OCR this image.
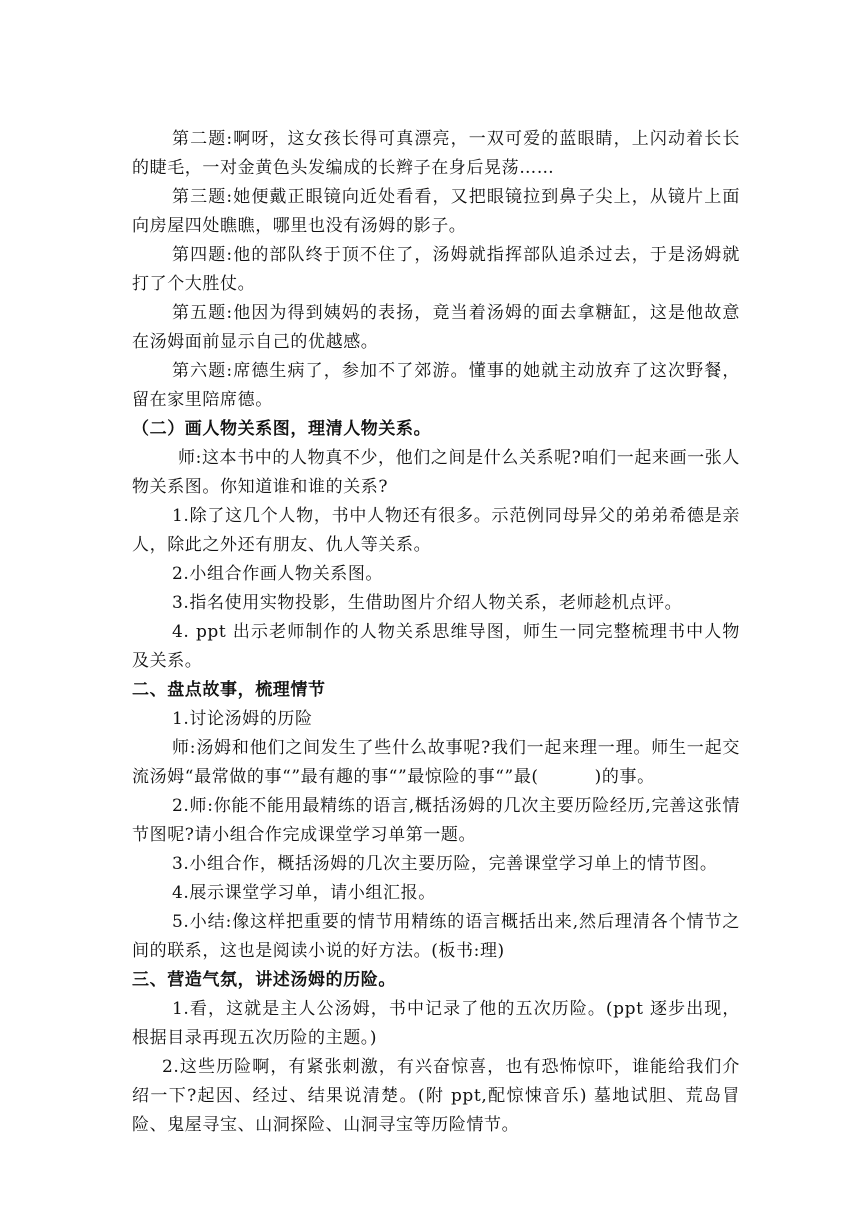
第二题:啊呀，这女孩长得可真漂亮，一双可爱的蓝眼睛，上闪动着长长的睫毛，一对金黄色头发编成的长辫子在身后晃荡……

第三题:她便戴正眼镜向近处看看，又把眼镜拉到鼻子尖上，从镜片上面向房屋四处瞧瞧，哪里也没有汤姆的影子。

第四题:他的部队终于顶不住了，汤姆就指挥部队追杀过去，于是汤姆就打了个大胜仗。

第五题:他因为得到姨妈的表扬，竟当着汤姆的面去拿糖缸，这是他故意在汤姆面前显示自己的优越感。

第六题:席德生病了，参加不了郊游。懂事的她就主动放弃了这次野餐，留在家里陪席德。

（二）画人物关系图，理清人物关系。

师:这本书中的人物真不少，他们之间是什么关系呢?咱们一起来画一张人物关系图。你知道谁和谁的关系?

1.除了这几个人物，书中人物还有很多。示范例同母异父的弟弟希德是亲人，除此之外还有朋友、仇人等关系。

2.小组合作画人物关系图。

3.指名使用实物投影，生借助图片介绍人物关系，老师趁机点评。

4. ppt 出示老师制作的人物关系思维导图，师生一同完整梳理书中人物及关系。

二、盘点故事，梳理情节

1.讨论汤姆的历险

师:汤姆和他们之间发生了些什么故事呢?我们一起来理一理。师生一起交流汤姆“最常做的事“”最有趣的事“”最惊险的事“”最(	)的事。

2.师:你能不能用最精练的语言,概括汤姆的几次主要历险经历,完善这张情节图呢?请小组合作完成课堂学习单第一题。

3.小组合作，概括汤姆的几次主要历险，完善课堂学习单上的情节图。

4.展示课堂学习单，请小组汇报。

5.小结:像这样把重要的情节用精练的语言概括出来,然后理清各个情节之间的联系，这也是阅读小说的好方法。(板书:理)

三、营造气氛，讲述汤姆的历险。

1.看，这就是主人公汤姆，书中记录了他的五次历险。(ppt 逐步出现，根据目录再现五次历险的主题。)

2.这些历险啊，有紧张刺激，有兴奋惊喜，也有恐怖惊吓，谁能给我们介绍一下?起因、经过、结果说清楚。(附 ppt,配惊悚音乐) 墓地试胆、荒岛冒险、鬼屋寻宝、山洞探险、山洞寻宝等历险情节。
